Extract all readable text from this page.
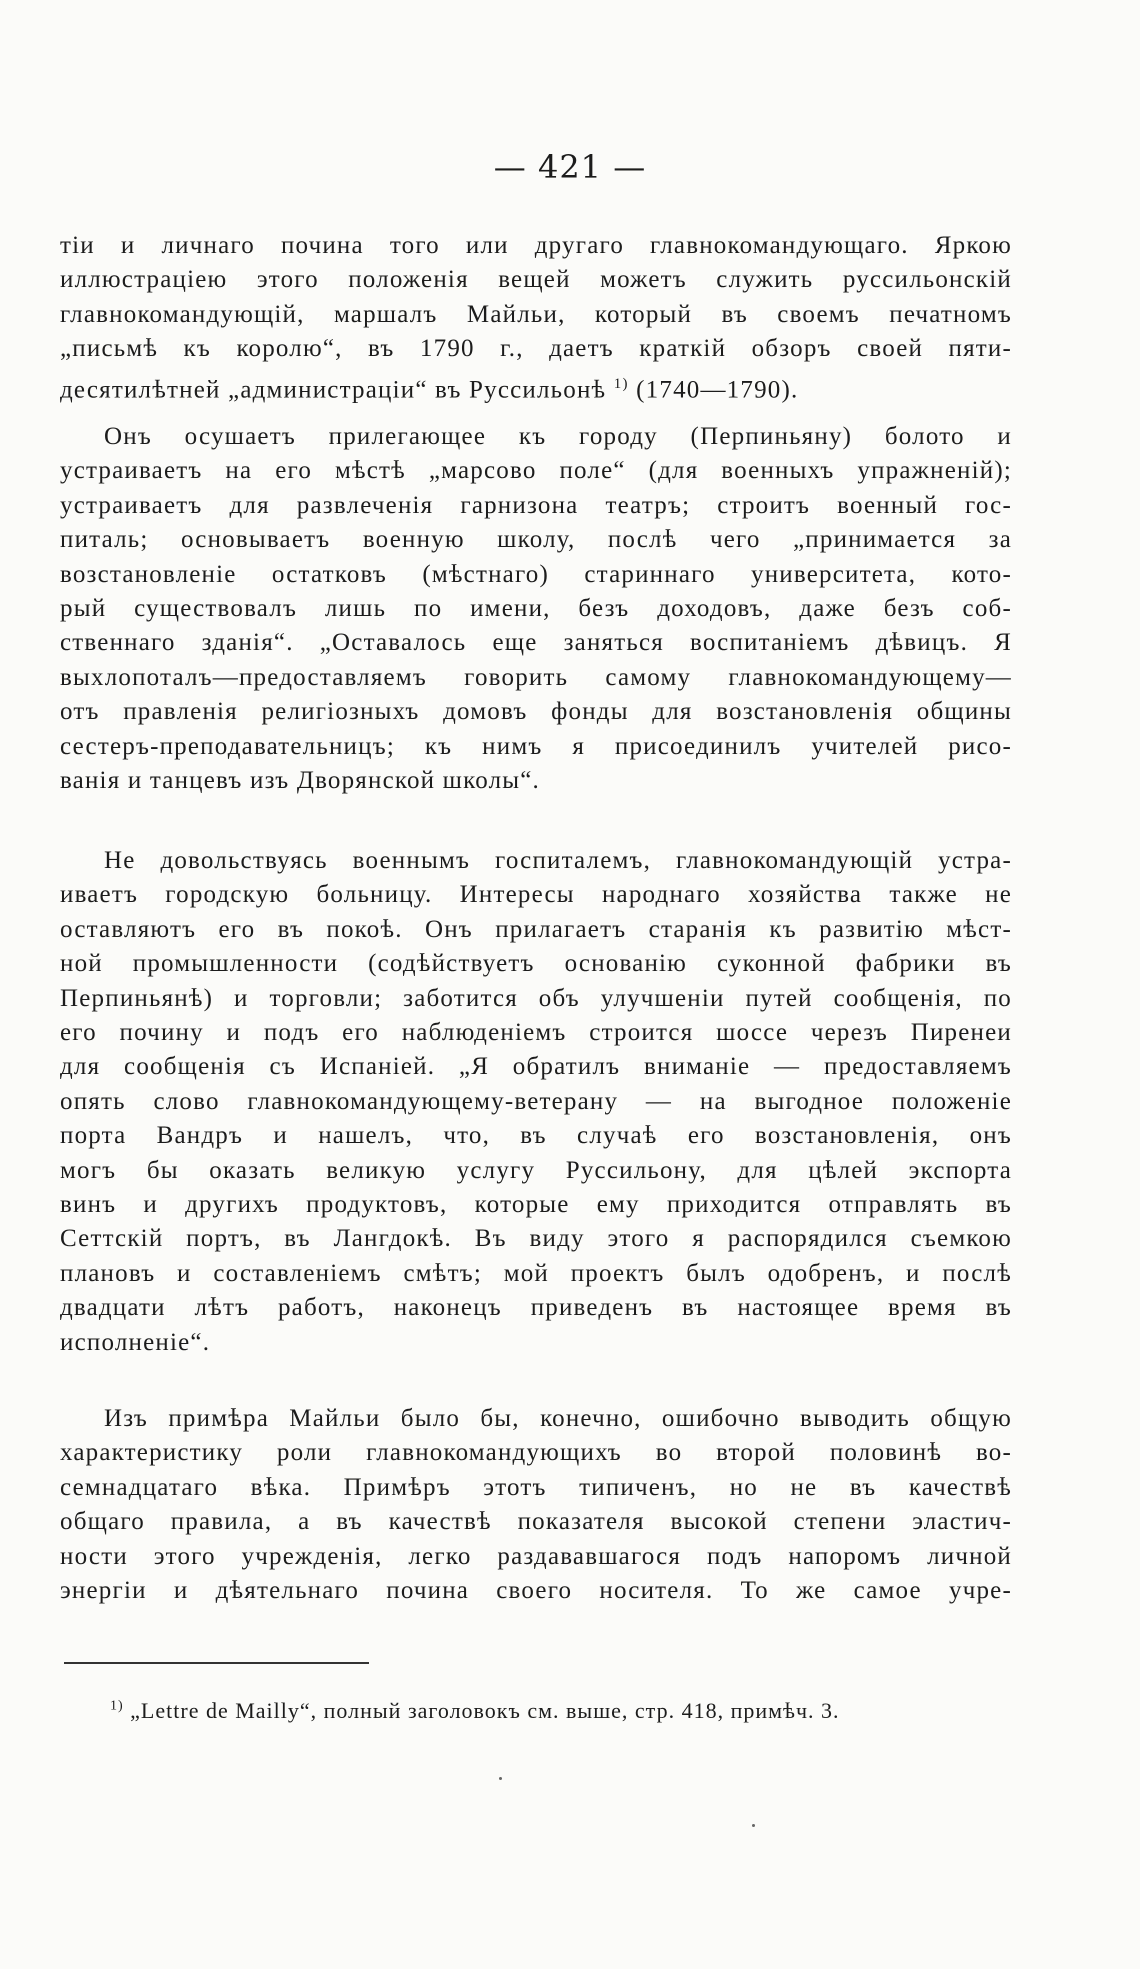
— 421 —
тіи и личнаго почина того или другаго главнокомандующаго. Яркою
иллюстраціею этого положенія вещей можетъ служить руссильонскій
главнокомандующій, маршалъ Майльи, который въ своемъ печатномъ
„письмѣ къ королю“, въ 1790 г., даетъ краткій обзоръ своей пяти-
десятилѣтней „администраціи“ въ Руссильонѣ $^{1)}$ (1740—1790).
Онъ осушаетъ прилегающее къ городу (Перпиньяну) болото и
устраиваетъ на его мѣстѣ „марсово поле“ (для военныхъ упражненій);
устраиваетъ для развлеченія гарнизона театръ; строитъ военный гос-
питаль; основываетъ военную школу, послѣ чего „принимается за
возстановленіе остатковъ (мѣстнаго) стариннаго университета, кото-
рый существовалъ лишь по имени, безъ доходовъ, даже безъ соб-
ственнаго зданія“. „Оставалось еще заняться воспитаніемъ дѣвицъ. Я
выхлопоталъ—предоставляемъ говорить самому главнокомандующему—
отъ правленія религіозныхъ домовъ фонды для возстановленія общины
сестеръ-преподавательницъ; къ нимъ я присоединилъ учителей рисо-
ванія и танцевъ изъ Дворянской школы“.
Не довольствуясь военнымъ госпиталемъ, главнокомандующій устра-
иваетъ городскую больницу. Интересы народнаго хозяйства также не
оставляютъ его въ покоѣ. Онъ прилагаетъ старанія къ развитію мѣст-
ной промышленности (содѣйствуетъ основанію суконной фабрики въ
Перпиньянѣ) и торговли; заботится объ улучшеніи путей сообщенія, по
его почину и подъ его наблюденіемъ строится шоссе черезъ Пиренеи
для сообщенія съ Испаніей. „Я обратилъ вниманіе — предоставляемъ
опять слово главнокомандующему-ветерану — на выгодное положеніе
порта Вандръ и нашелъ, что, въ случаѣ его возстановленія, онъ
могъ бы оказать великую услугу Руссильону, для цѣлей экспорта
винъ и другихъ продуктовъ, которые ему приходится отправлять въ
Сеттскій портъ, въ Лангдокѣ. Въ виду этого я распорядился съемкою
плановъ и составленіемъ смѣтъ; мой проектъ былъ одобренъ, и послѣ
двадцати лѣтъ работъ, наконецъ приведенъ въ настоящее время въ
исполненіе“.
Изъ примѣра Майльи было бы, конечно, ошибочно выводить общую
характеристику роли главнокомандующихъ во второй половинѣ во-
семнадцатаго вѣка. Примѣръ этотъ типиченъ, но не въ качествѣ
общаго правила, а въ качествѣ показателя высокой степени эластич-
ности этого учрежденія, легко раздававшагося подъ напоромъ личной
энергіи и дѣятельнаго почина своего носителя. То же самое учре-
$^{1)}$ „Lettre de Mailly“, полный заголовокъ см. выше, стр. 418, примѣч. 3.
